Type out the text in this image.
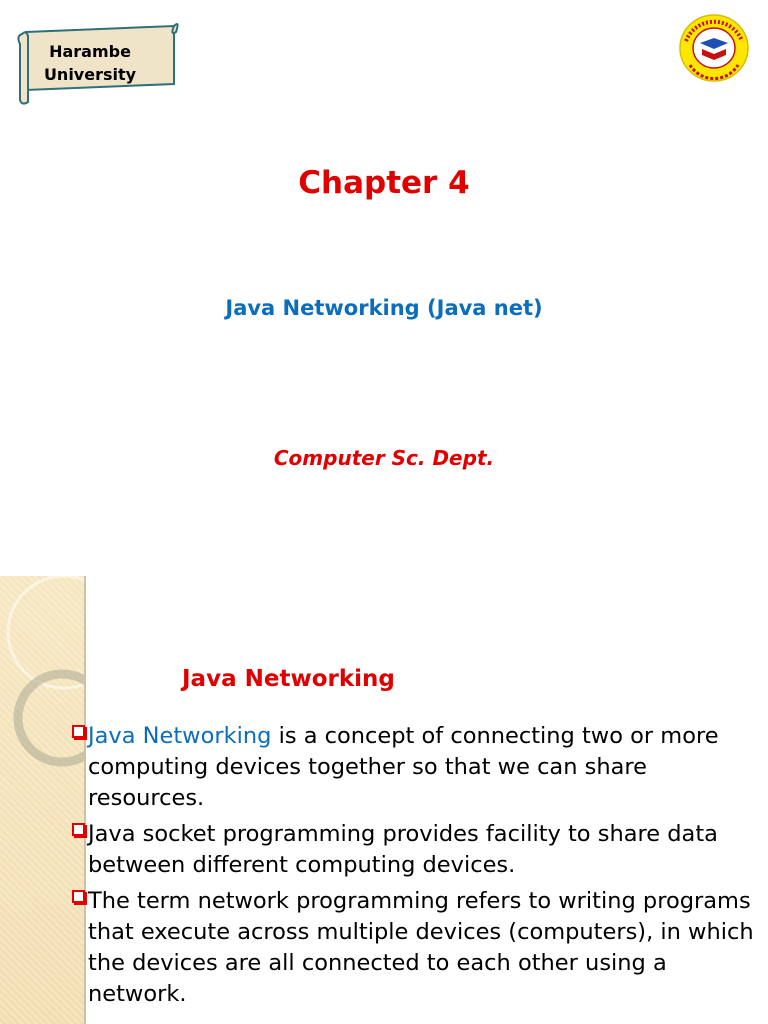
Harambe
University
Chapter 4
Java Networking (Java net)
Computer Sc. Dept.
Java Networking
Java Networking is a concept of connecting two or more computing devices together so that we can share resources.
Java socket programming provides facility to share data between different computing devices.
The term network programming refers to writing programs that execute across multiple devices (computers), in which the devices are all connected to each other using a network.
